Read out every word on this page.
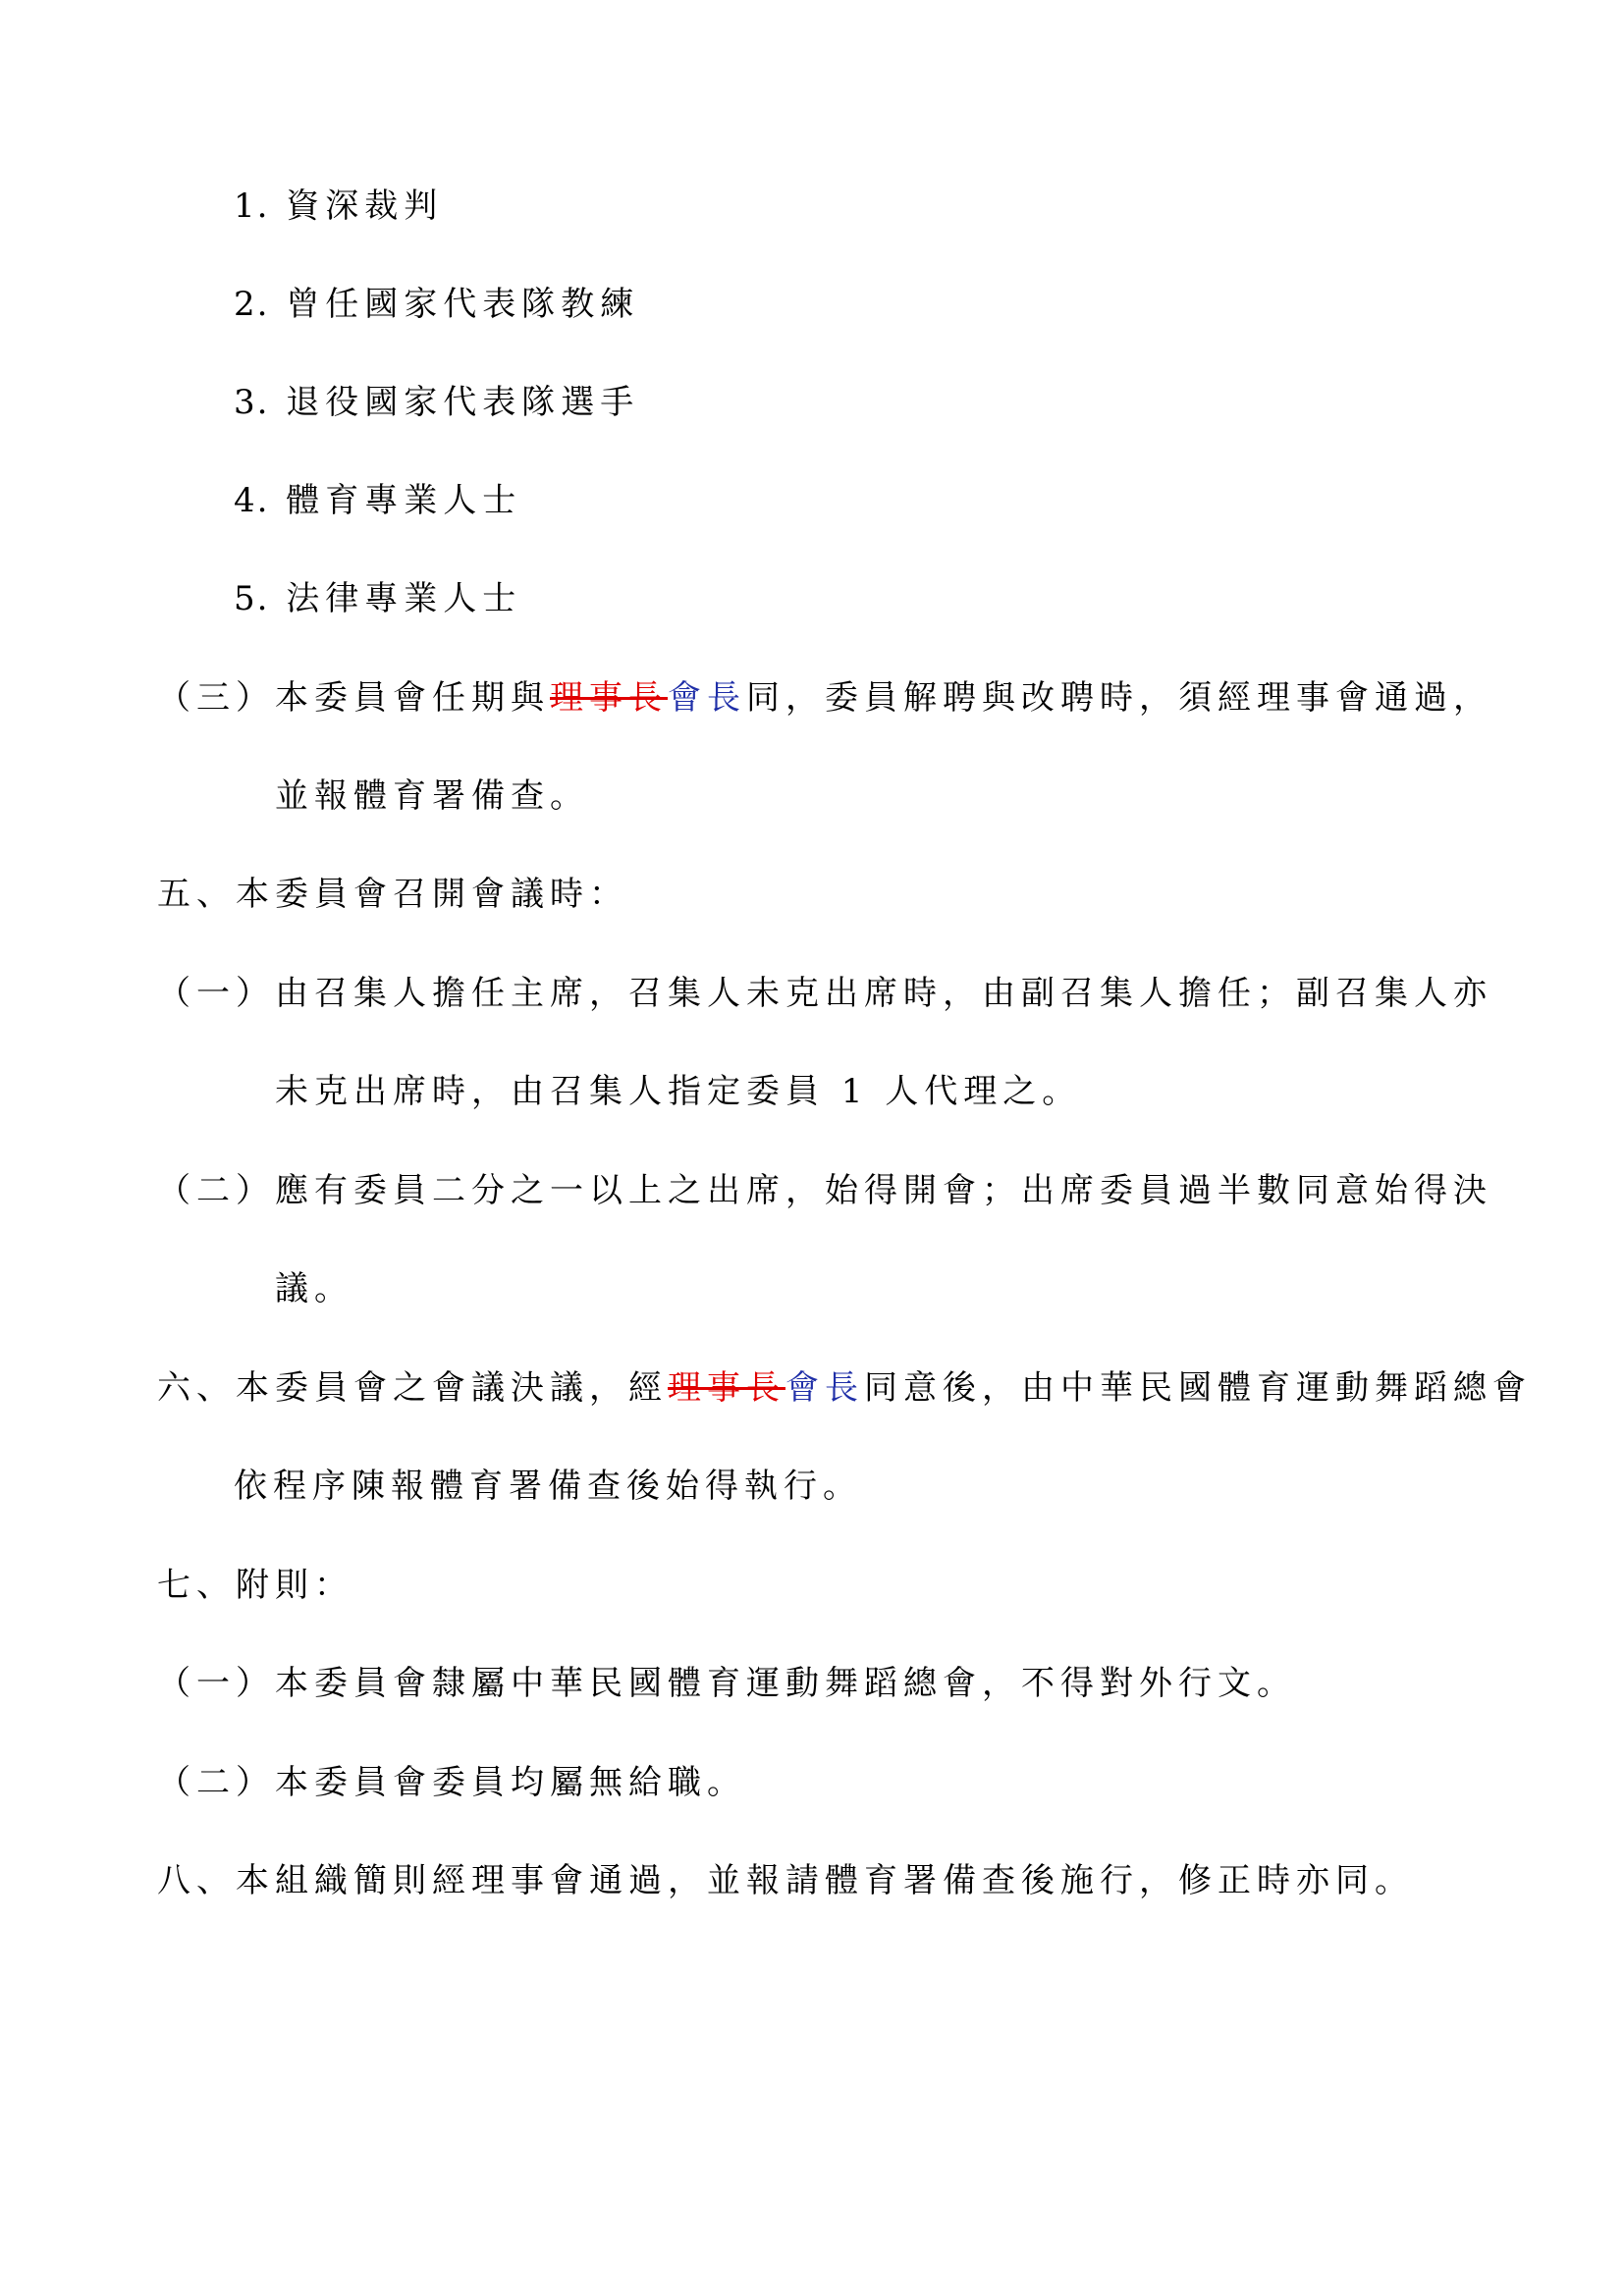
1. 資深裁判
2. 曾任國家代表隊教練
3. 退役國家代表隊選手
4. 體育專業人士
5. 法律專業人士
（三）本委員會任期與理事長會長同，委員解聘與改聘時，須經理事會通過，
並報體育署備查。
五、本委員會召開會議時：
（一）由召集人擔任主席，召集人未克出席時，由副召集人擔任；副召集人亦
未克出席時，由召集人指定委員 1 人代理之。
（二）應有委員二分之一以上之出席，始得開會；出席委員過半數同意始得決
議。
六、本委員會之會議決議，經理事長會長同意後，由中華民國體育運動舞蹈總會
依程序陳報體育署備查後始得執行。
七、附則：
（一）本委員會隸屬中華民國體育運動舞蹈總會，不得對外行文。
（二）本委員會委員均屬無給職。
八、本組織簡則經理事會通過，並報請體育署備查後施行，修正時亦同。
